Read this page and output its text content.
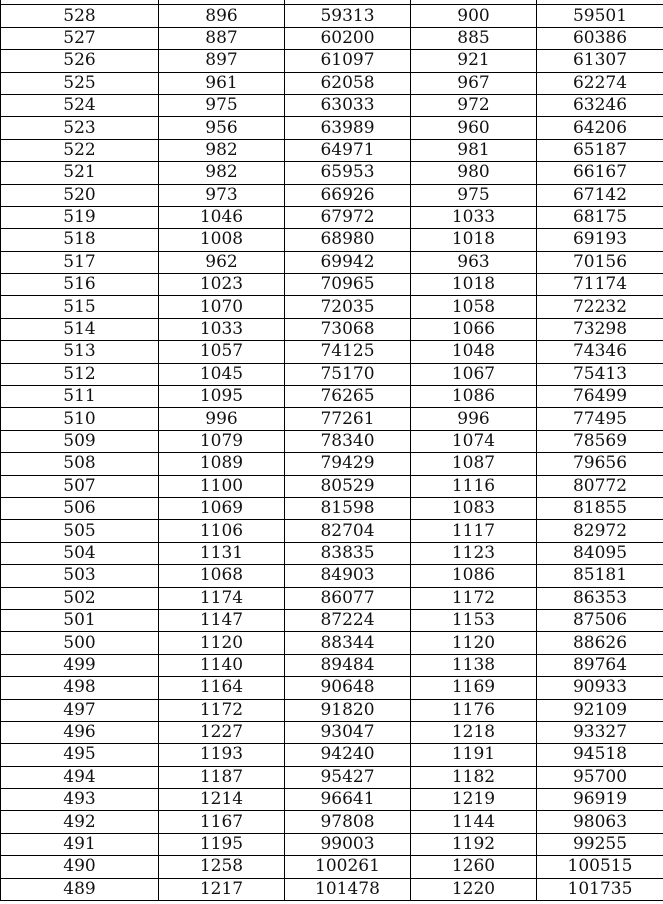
528	896	59313	900	59501
527	887	60200	885	60386
526	897	61097	921	61307
525	961	62058	967	62274
524	975	63033	972	63246
523	956	63989	960	64206
522	982	64971	981	65187
521	982	65953	980	66167
520	973	66926	975	67142
519	1046	67972	1033	68175
518	1008	68980	1018	69193
517	962	69942	963	70156
516	1023	70965	1018	71174
515	1070	72035	1058	72232
514	1033	73068	1066	73298
513	1057	74125	1048	74346
512	1045	75170	1067	75413
511	1095	76265	1086	76499
510	996	77261	996	77495
509	1079	78340	1074	78569
508	1089	79429	1087	79656
507	1100	80529	1116	80772
506	1069	81598	1083	81855
505	1106	82704	1117	82972
504	1131	83835	1123	84095
503	1068	84903	1086	85181
502	1174	86077	1172	86353
501	1147	87224	1153	87506
500	1120	88344	1120	88626
499	1140	89484	1138	89764
498	1164	90648	1169	90933
497	1172	91820	1176	92109
496	1227	93047	1218	93327
495	1193	94240	1191	94518
494	1187	95427	1182	95700
493	1214	96641	1219	96919
492	1167	97808	1144	98063
491	1195	99003	1192	99255
490	1258	100261	1260	100515
489	1217	101478	1220	101735
